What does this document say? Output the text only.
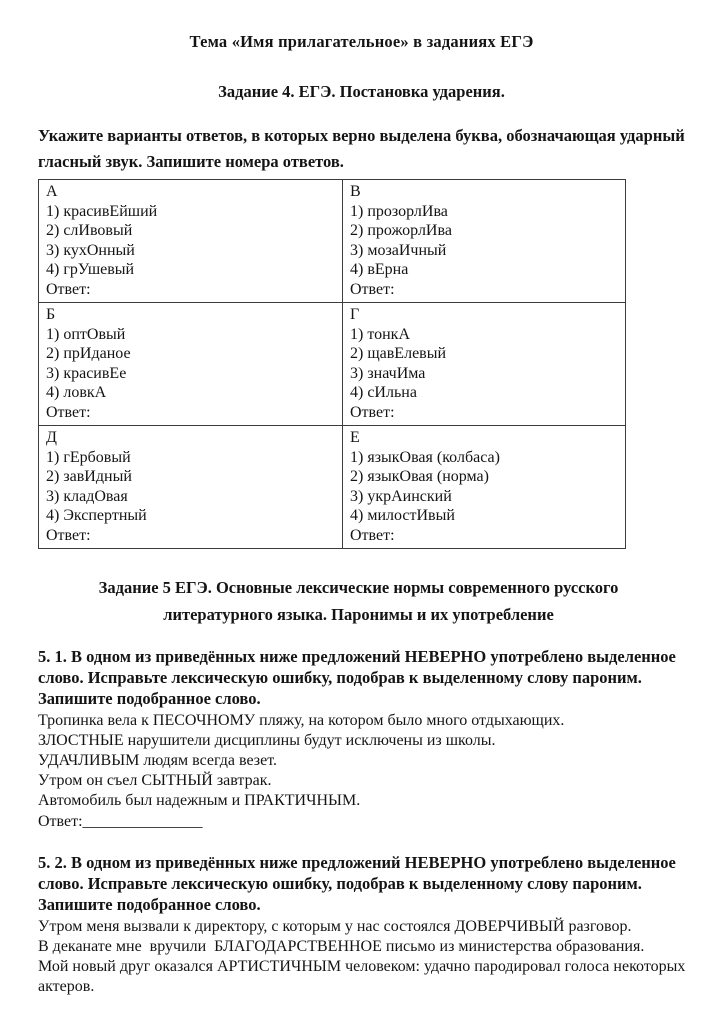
Тема «Имя прилагательное» в заданиях ЕГЭ
Задание 4. ЕГЭ. Постановка ударения.
Укажите варианты ответов, в которых верно выделена буква, обозначающая ударный гласный звук. Запишите номера ответов.
А
1) красивЕйший
2) слИвовый
3) кухОнный
4) грУшевый
Ответ:

В
1) прозорлИва
2) прожорлИва
3) мозаИчный
4) вЕрна
Ответ:

Б
1) оптОвый
2) прИданое
3) красивЕе
4) ловкА
Ответ:

Г
1) тонкА
2) щавЕлевый
3) значИма
4) сИльна
Ответ:

Д
1) гЕрбовый
2) завИдный
3) кладОвая
4) Экспертный
Ответ:

Е
1) языкОвая (колбаса)
2) языкОвая (норма)
3) укрАинский
4) милостИвый
Ответ:
Задание 5 ЕГЭ. Основные лексические нормы современного русского литературного языка. Паронимы и их употребление
5. 1. В одном из приведённых ниже предложений НЕВЕРНО употреблено выделенное слово. Исправьте лексическую ошибку, подобрав к выделенному слову пароним. Запишите подобранное слово.
Тропинка вела к ПЕСОЧНОМУ пляжу, на котором было много отдыхающих.
ЗЛОСТНЫЕ нарушители дисциплины будут исключены из школы.
УДАЧЛИВЫМ людям всегда везет.
Утром он съел СЫТНЫЙ завтрак.
Автомобиль был надежным и ПРАКТИЧНЫМ.
Ответ:_______________
5. 2. В одном из приведённых ниже предложений НЕВЕРНО употреблено выделенное слово. Исправьте лексическую ошибку, подобрав к выделенному слову пароним. Запишите подобранное слово.
Утром меня вызвали к директору, с которым у нас состоялся ДОВЕРЧИВЫЙ разговор.
В деканате мне  вручили  БЛАГОДАРСТВЕННОЕ письмо из министерства образования.
Мой новый друг оказался АРТИСТИЧНЫМ человеком: удачно пародировал голоса некоторых актеров.
